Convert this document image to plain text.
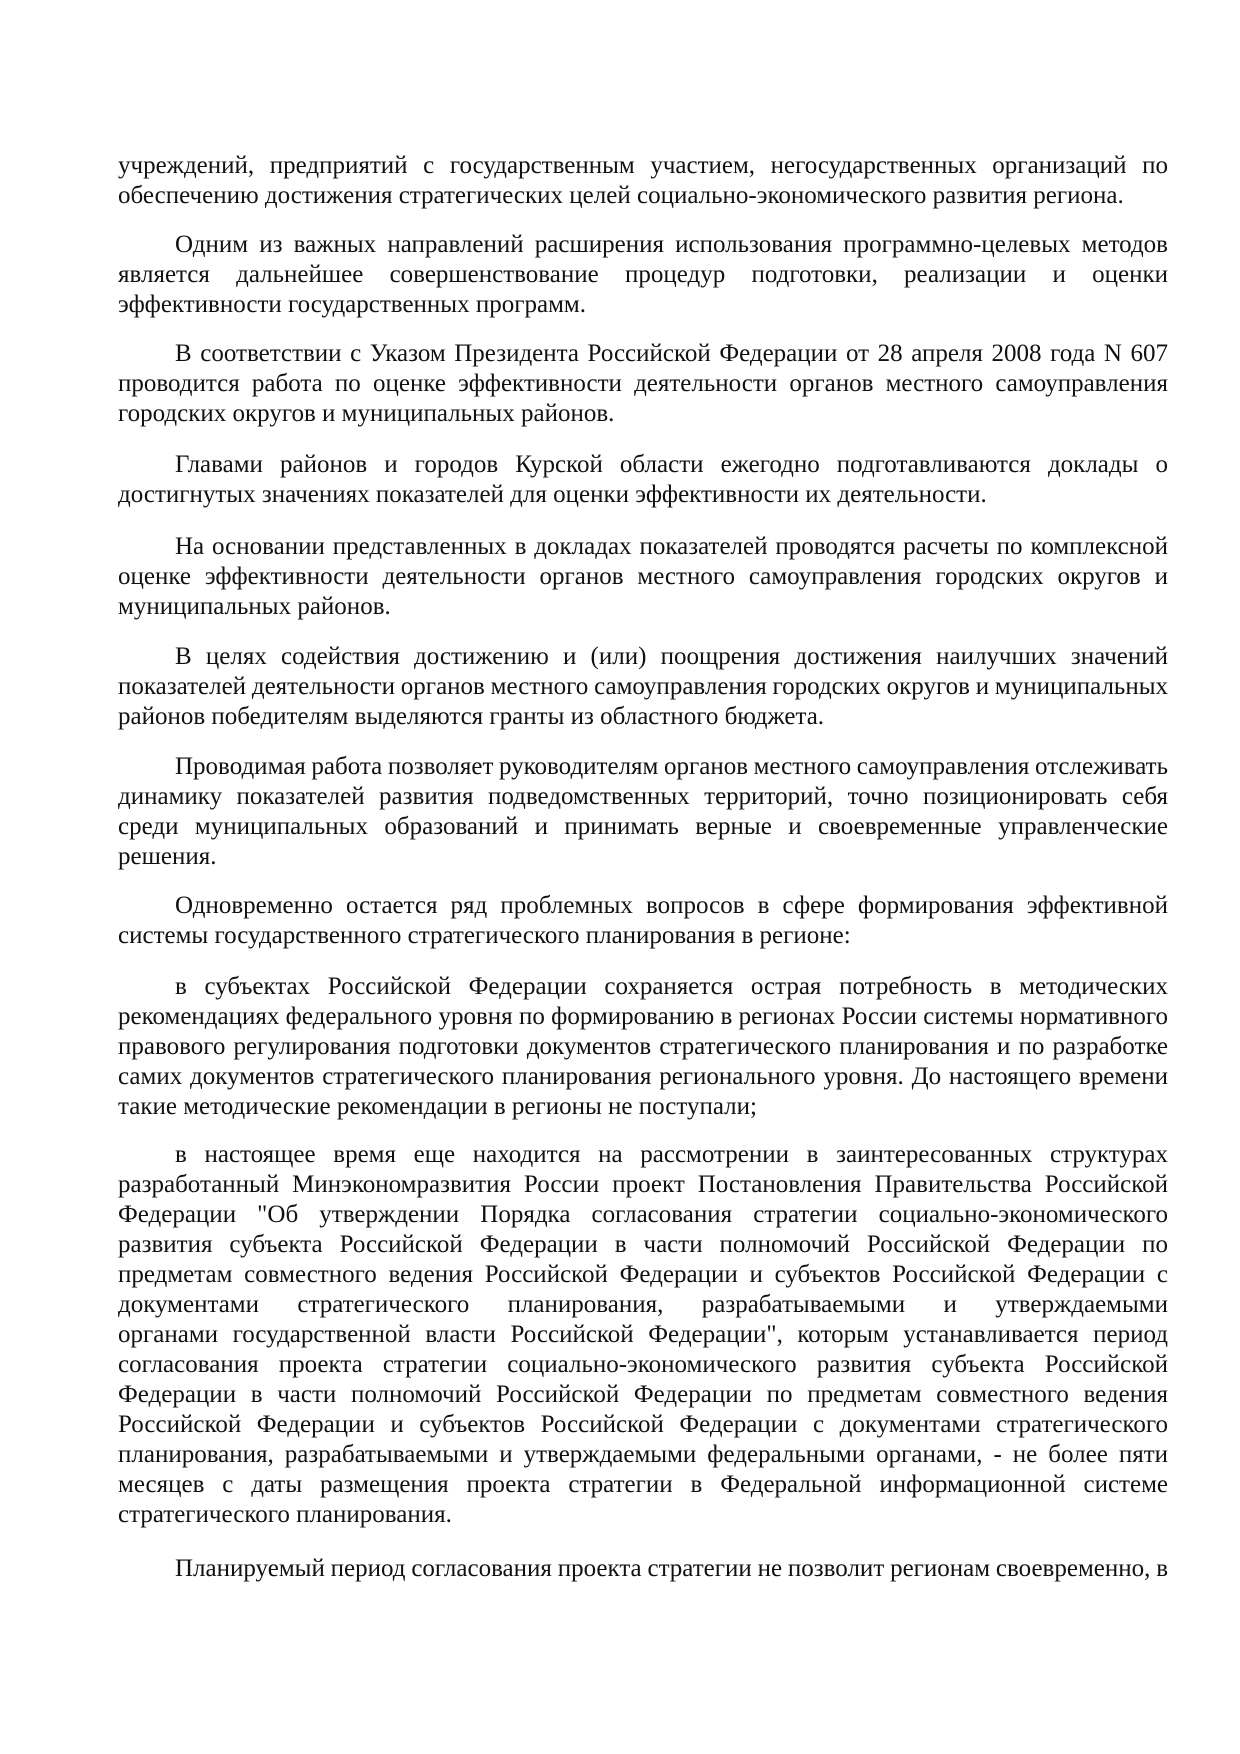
учреждений, предприятий с государственным участием, негосударственных организаций по
обеспечению достижения стратегических целей социально-экономического развития региона.
Одним из важных направлений расширения использования программно-целевых методов
является дальнейшее совершенствование процедур подготовки, реализации и оценки
эффективности государственных программ.
В соответствии с Указом Президента Российской Федерации от 28 апреля 2008 года N 607
проводится работа по оценке эффективности деятельности органов местного самоуправления
городских округов и муниципальных районов.
Главами районов и городов Курской области ежегодно подготавливаются доклады о
достигнутых значениях показателей для оценки эффективности их деятельности.
На основании представленных в докладах показателей проводятся расчеты по комплексной
оценке эффективности деятельности органов местного самоуправления городских округов и
муниципальных районов.
В целях содействия достижению и (или) поощрения достижения наилучших значений
показателей деятельности органов местного самоуправления городских округов и муниципальных
районов победителям выделяются гранты из областного бюджета.
Проводимая работа позволяет руководителям органов местного самоуправления отслеживать
динамику показателей развития подведомственных территорий, точно позиционировать себя
среди муниципальных образований и принимать верные и своевременные управленческие
решения.
Одновременно остается ряд проблемных вопросов в сфере формирования эффективной
системы государственного стратегического планирования в регионе:
в субъектах Российской Федерации сохраняется острая потребность в методических
рекомендациях федерального уровня по формированию в регионах России системы нормативного
правового регулирования подготовки документов стратегического планирования и по разработке
самих документов стратегического планирования регионального уровня. До настоящего времени
такие методические рекомендации в регионы не поступали;
в настоящее время еще находится на рассмотрении в заинтересованных структурах
разработанный Минэкономразвития России проект Постановления Правительства Российской
Федерации "Об утверждении Порядка согласования стратегии социально-экономического
развития субъекта Российской Федерации в части полномочий Российской Федерации по
предметам совместного ведения Российской Федерации и субъектов Российской Федерации с
документами стратегического планирования, разрабатываемыми и утверждаемыми
органами государственной власти Российской Федерации", которым устанавливается период
согласования проекта стратегии социально-экономического развития субъекта Российской
Федерации в части полномочий Российской Федерации по предметам совместного ведения
Российской Федерации и субъектов Российской Федерации с документами стратегического
планирования, разрабатываемыми и утверждаемыми федеральными органами, - не более пяти
месяцев с даты размещения проекта стратегии в Федеральной информационной системе
стратегического планирования.
Планируемый период согласования проекта стратегии не позволит регионам своевременно, в
